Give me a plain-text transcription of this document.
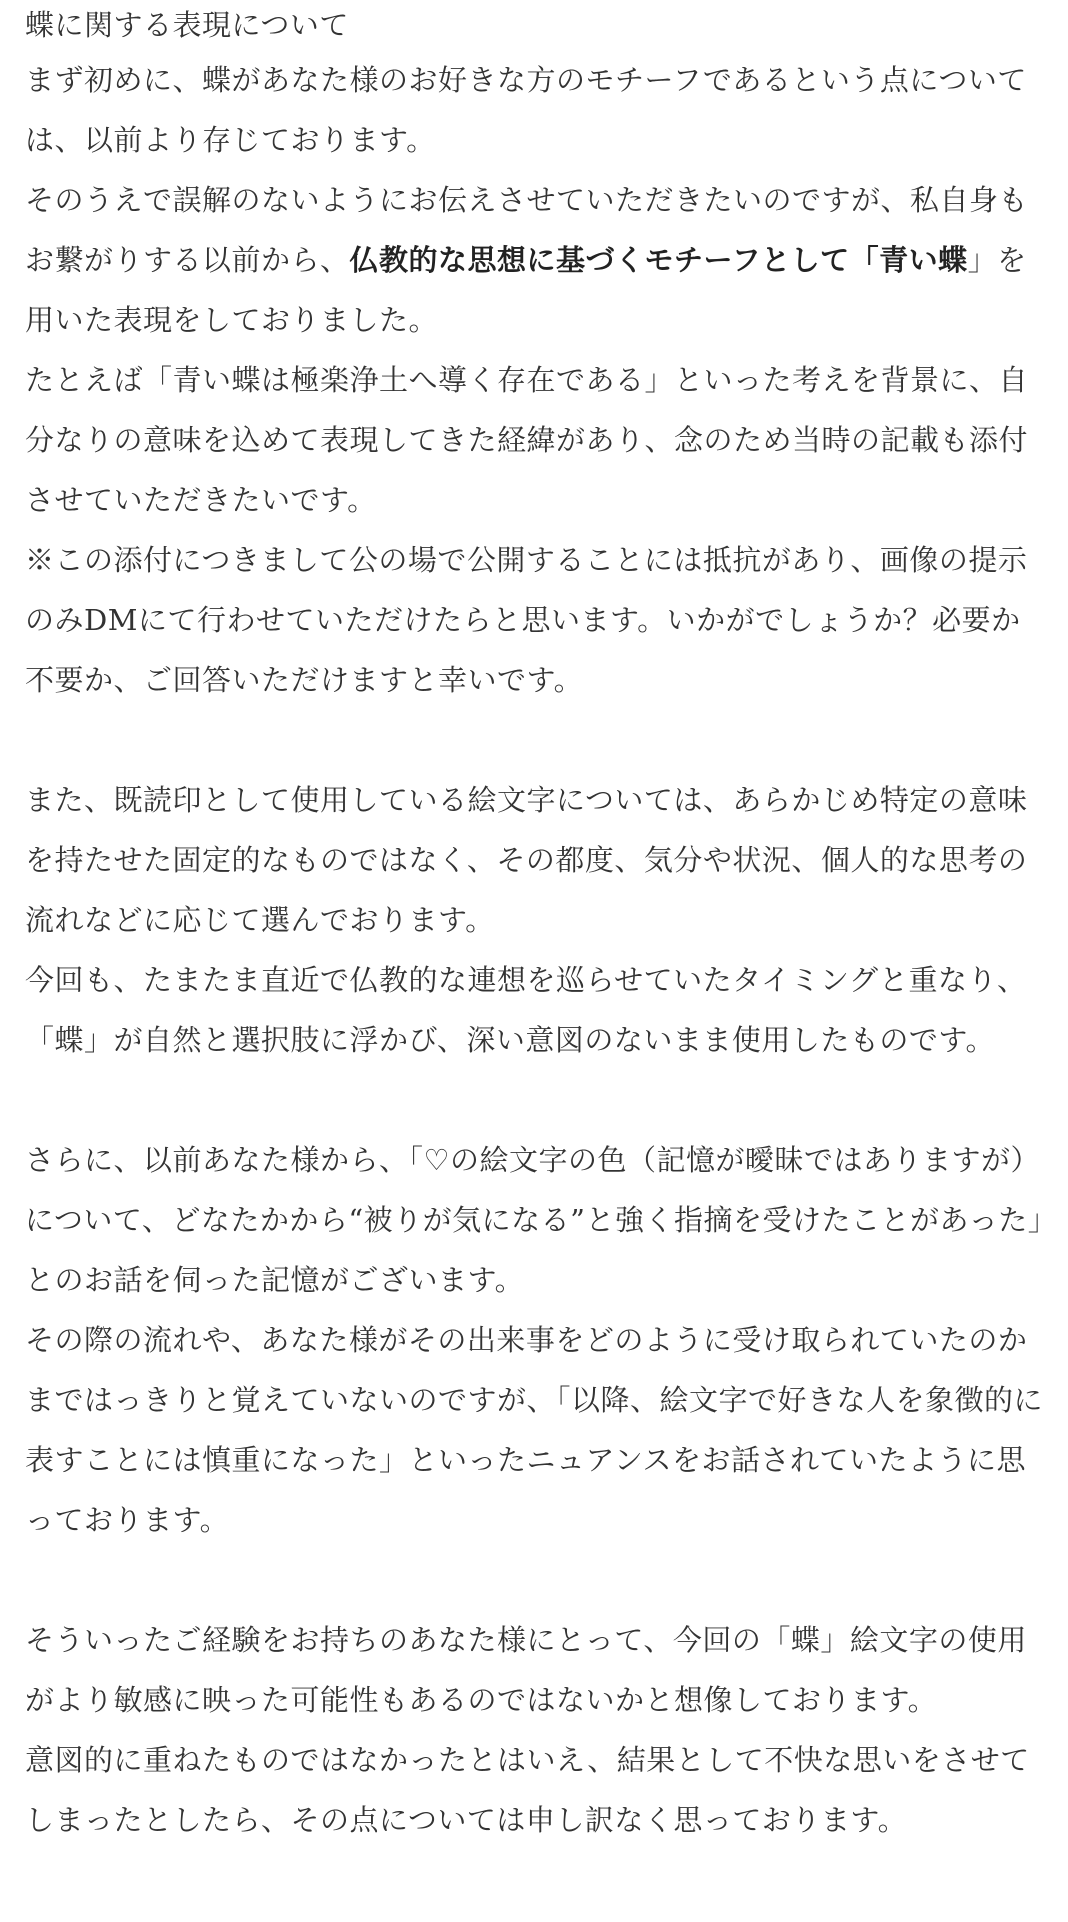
蝶に関する表現について

まず初めに、蝶があなた様のお好きな方のモチーフであるという点については、以前より存じております。

そのうえで誤解のないようにお伝えさせていただきたいのですが、私自身もお繋がりする以前から、仏教的な思想に基づくモチーフとして「青い蝶」を用いた表現をしておりました。

たとえば「青い蝶は極楽浄土へ導く存在である」といった考えを背景に、自分なりの意味を込めて表現してきた経緯があり、念のため当時の記載も添付させていただきたいです。

※この添付につきまして公の場で公開することには抵抗があり、画像の提示のみDMにて行わせていただけたらと思います。いかがでしょうか？必要か不要か、ご回答いただけますと幸いです。

また、既読印として使用している絵文字については、あらかじめ特定の意味を持たせた固定的なものではなく、その都度、気分や状況、個人的な思考の流れなどに応じて選んでおります。

今回も、たまたま直近で仏教的な連想を巡らせていたタイミングと重なり、「蝶」が自然と選択肢に浮かび、深い意図のないまま使用したものです。

さらに、以前あなた様から、「♡の絵文字の色（記憶が曖昧ではありますが）について、どなたかから“被りが気になる”と強く指摘を受けたことがあった」とのお話を伺った記憶がございます。

その際の流れや、あなた様がその出来事をどのように受け取られていたのかまではっきりと覚えていないのですが、「以降、絵文字で好きな人を象徴的に表すことには慎重になった」といったニュアンスをお話されていたように思っております。

そういったご経験をお持ちのあなた様にとって、今回の「蝶」絵文字の使用がより敏感に映った可能性もあるのではないかと想像しております。

意図的に重ねたものではなかったとはいえ、結果として不快な思いをさせてしまったとしたら、その点については申し訳なく思っております。
